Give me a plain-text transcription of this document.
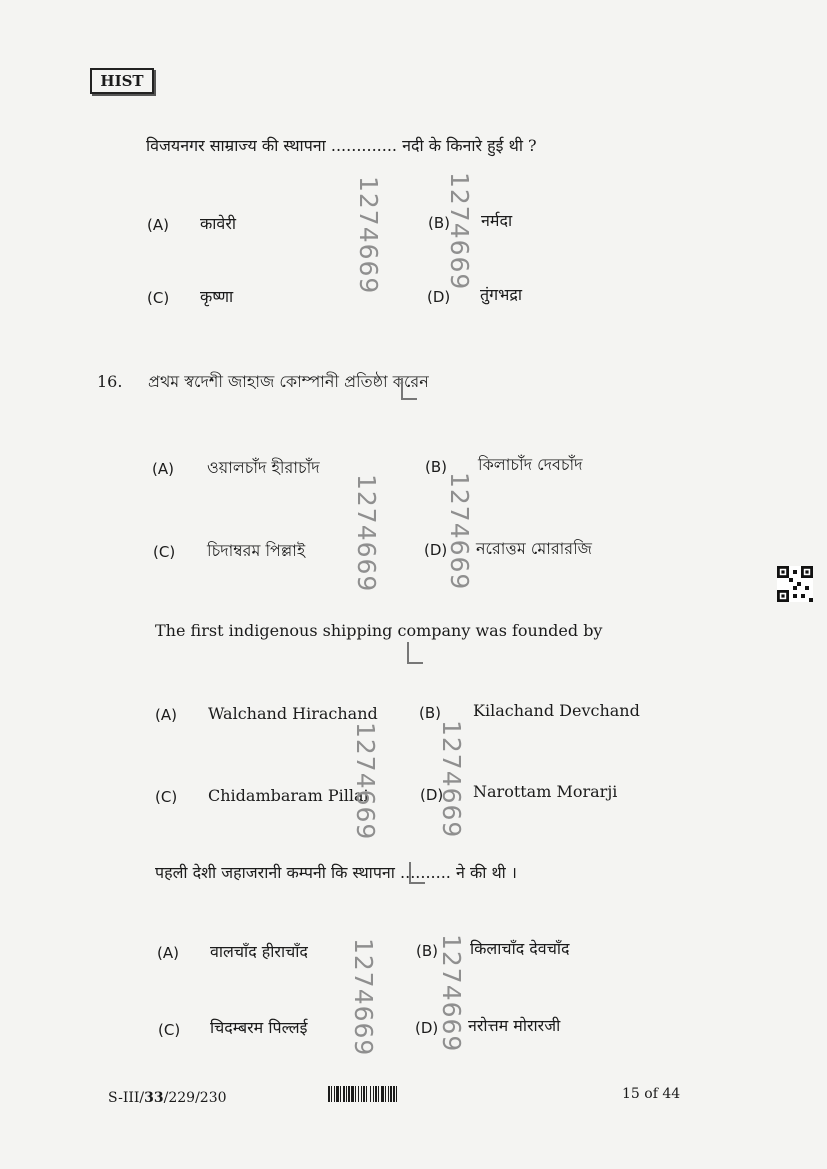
HIST
विजयनगर साम्राज्य की स्थापना ............. नदी के किनारे हुई थी ?
(A) कावेरी	(B) नर्मदा
(C) कृष्णा	(D) तुंगभद्रा
16. প্রথম স্বদেশী জাহাজ কোম্পানী প্রতিষ্ঠা করেন
(A) ওয়ালচাঁদ হীরাচাঁদ	(B) কিলাচাঁদ দেবচাঁদ
(C) চিদাম্বরম পিল্লাই	(D) নরোত্তম মোরারজি
The first indigenous shipping company was founded by
(A) Walchand Hirachand	(B) Kilachand Devchand
(C) Chidambaram Pillai	(D) Narottam Morarji
पहली देशी जहाजरानी कम्पनी कि स्थापना .......... ने की थी ।
(A) वालचाँद हीराचाँद	(B) किलाचाँद देवचाँद
(C) चिदम्बरम पिल्लई	(D) नरोत्तम मोरारजी
1274669 1274669
1274669	1274669
1274669 1274669
1274669 1274669
S-III/33/229/230	15 of 44
